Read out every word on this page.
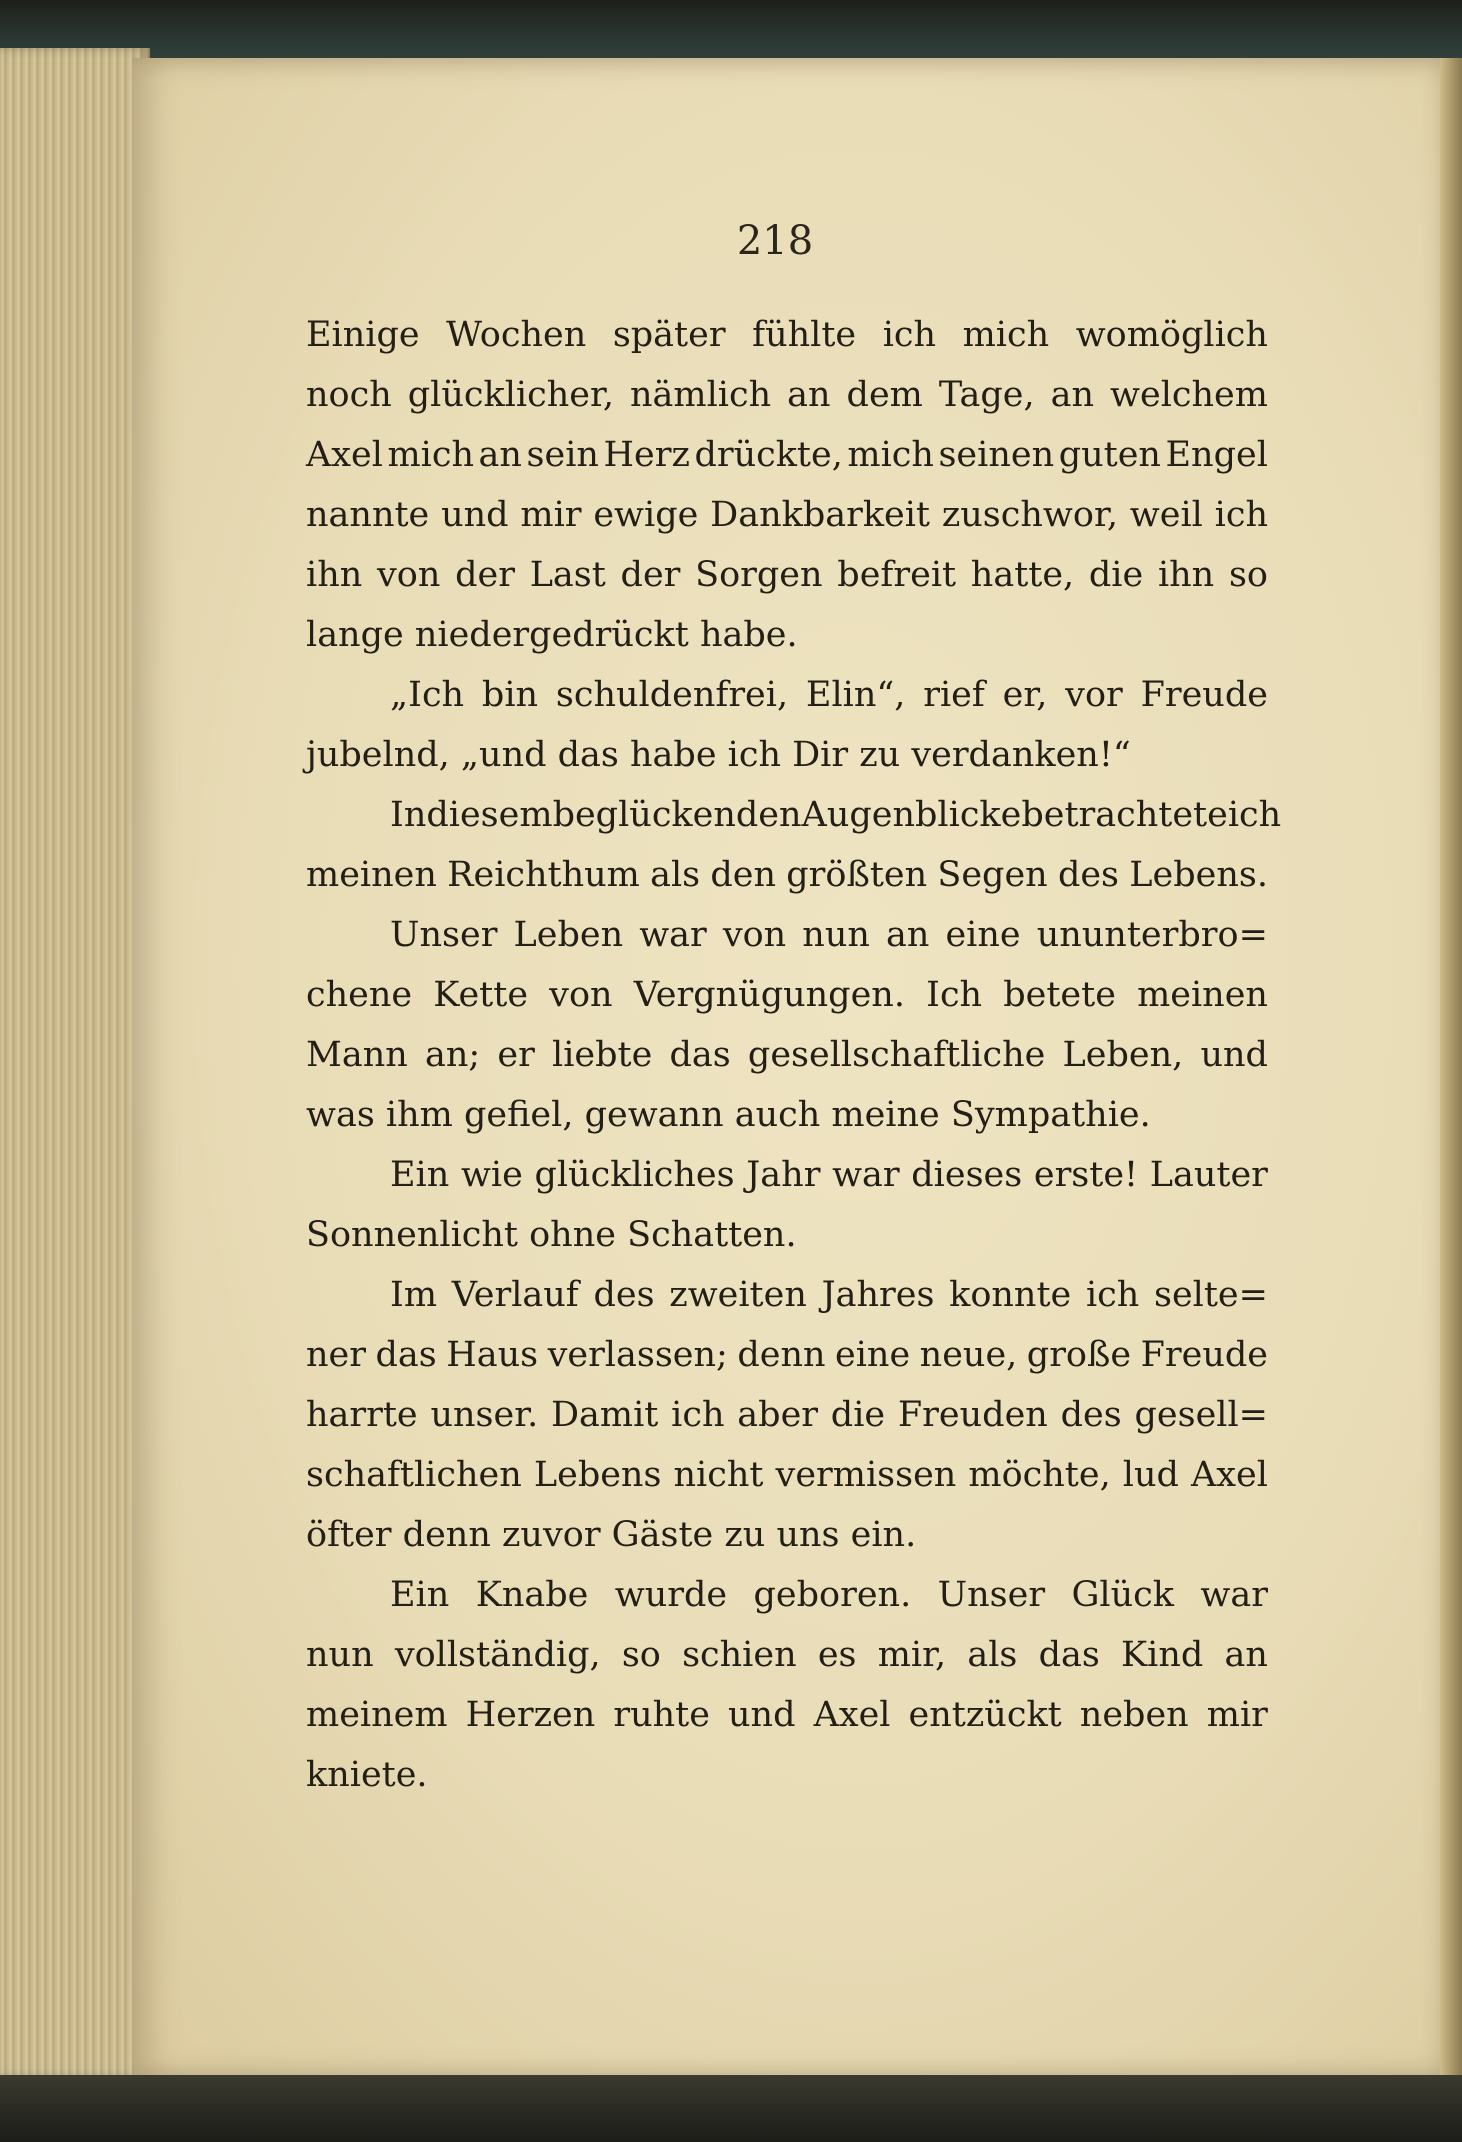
218
Einige Wochen später fühlte ich mich womöglich
noch glücklicher, nämlich an dem Tage, an welchem
Axel mich an sein Herz drückte, mich seinen guten Engel
nannte und mir ewige Dankbarkeit zuschwor, weil ich
ihn von der Last der Sorgen befreit hatte, die ihn so
lange niedergedrückt habe.
„Ich bin schuldenfrei, Elin“, rief er, vor Freude
jubelnd, „und das habe ich Dir zu verdanken!“
In diesem beglückenden Augenblicke betrachtete ich
meinen Reichthum als den größten Segen des Lebens.
Unser Leben war von nun an eine ununterbro=
chene Kette von Vergnügungen. Ich betete meinen
Mann an; er liebte das gesellschaftliche Leben, und
was ihm gefiel, gewann auch meine Sympathie.
Ein wie glückliches Jahr war dieses erste! Lauter
Sonnenlicht ohne Schatten.
Im Verlauf des zweiten Jahres konnte ich selte=
ner das Haus verlassen; denn eine neue, große Freude
harrte unser. Damit ich aber die Freuden des gesell=
schaftlichen Lebens nicht vermissen möchte, lud Axel
öfter denn zuvor Gäste zu uns ein.
Ein Knabe wurde geboren. Unser Glück war
nun vollständig, so schien es mir, als das Kind an
meinem Herzen ruhte und Axel entzückt neben mir
kniete.
